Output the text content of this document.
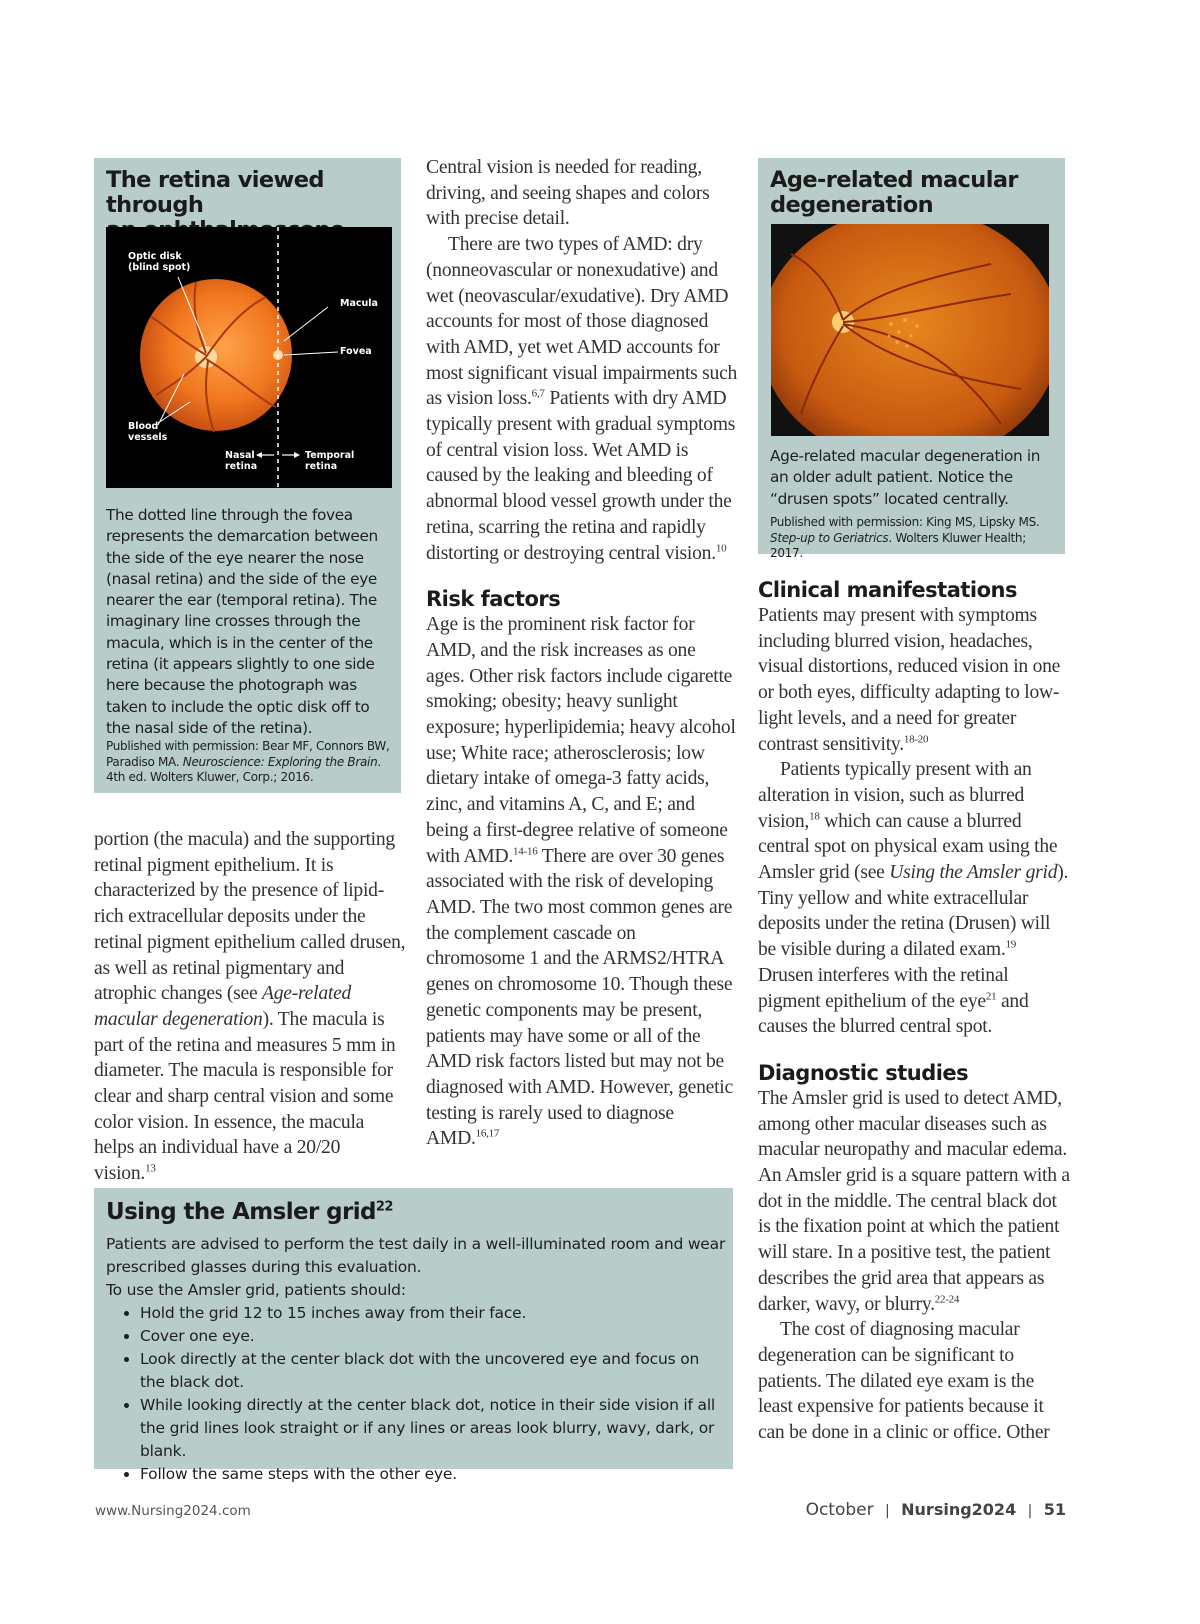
The retina viewed through

Optic disk
(blind spot)
Macula
Fovea
Blood
vessels
Nasal
retina
Temporal
retina
The dotted line through the fovea represents the demarcation between the side of the eye nearer the nose (nasal retina) and the side of the eye nearer the ear (temporal retina). The imaginary line crosses through the macula, which is in the center of the retina (it appears slightly to one side here because the photograph was taken to include the optic disk off to the nasal side of the retina).
Published with permission: Bear MF, Connors BW, Paradiso MA. Neuroscience: Exploring the Brain. 4th ed. Wolters Kluwer, Corp.; 2016.

portion (the macula) and the supporting retinal pigment epithelium. It is characterized by the presence of lipid-rich extracellular deposits under the retinal pigment epithelium called drusen, as well as retinal pigmentary and atrophic changes (see Age-related macular degeneration). The macula is part of the retina and measures 5 mm in diameter. The macula is responsible for clear and sharp central vision and some color vision. In essence, the macula helps an individual have a 20/20 vision.$^{13}$

Central vision is needed for reading, driving, and seeing shapes and colors with precise detail.

There are two types of AMD: dry (nonneovascular or nonexudative) and wet (neovascular/exudative). Dry AMD accounts for most of those diagnosed with AMD, yet wet AMD accounts for most significant visual impairments such as vision loss.$^{6,7}$ Patients with dry AMD typically present with gradual symptoms of central vision loss. Wet AMD is caused by the leaking and bleeding of abnormal blood vessel growth under the retina, scarring the retina and rapidly distorting or destroying central vision.$^{10}$

Risk factors

Age is the prominent risk factor for AMD, and the risk increases as one ages. Other risk factors include cigarette smoking; obesity; heavy sunlight exposure; hyperlipidemia; heavy alcohol use; White race; atherosclerosis; low dietary intake of omega-3 fatty acids, zinc, and vitamins A, C, and E; and being a first-degree relative of someone with AMD.$^{14-16}$ There are over 30 genes associated with the risk of developing AMD. The two most common genes are the complement cascade on chromosome 1 and the ARMS2/HTRA genes on chromosome 10. Though these genetic components may be present, patients may have some or all of the AMD risk factors listed but may not be diagnosed with AMD. However, genetic testing is rarely used to diagnose AMD.$^{16,17}$

Age-related macular
degeneration
Age-related macular degeneration in an older adult patient. Notice the “drusen spots” located centrally.
Published with permission: King MS, Lipsky MS. Step-up to Geriatrics. Wolters Kluwer Health; 2017.
Clinical manifestations

Patients may present with symptoms including blurred vision, headaches, visual distortions, reduced vision in one or both eyes, difficulty adapting to low-light levels, and a need for greater contrast sensitivity.$^{18-20}$

Patients typically present with an alteration in vision, such as blurred vision,$^{18}$ which can cause a blurred central spot on physical exam using the Amsler grid (see Using the Amsler grid). Tiny yellow and white extracellular deposits under the retina (Drusen) will be visible during a dilated exam.$^{19}$ Drusen interferes with the retinal pigment epithelium of the eye$^{21}$ and causes the blurred central spot.

Diagnostic studies

The Amsler grid is used to detect AMD, among other macular diseases such as macular neuropathy and macular edema. An Amsler grid is a square pattern with a dot in the middle. The central black dot is the fixation point at which the patient will stare. In a positive test, the patient describes the grid area that appears as darker, wavy, or blurry.$^{22-24}$

The cost of diagnosing macular degeneration can be significant to patients. The dilated eye exam is the least expensive for patients because it can be done in a clinic or office. Other

Using the Amsler grid$^{22}$
Patients are advised to perform the test daily in a well-illuminated room and wear prescribed glasses during this evaluation.
To use the Amsler grid, patients should:
• Hold the grid 12 to 15 inches away from their face.
• Cover one eye.
• Look directly at the center black dot with the uncovered eye and focus on the black dot.
• While looking directly at the center black dot, notice in their side vision if all the grid lines look straight or if any lines or areas look blurry, wavy, dark, or blank.
• Follow the same steps with the other eye.
www.Nursing2024.com	October | Nursing2024 | 51
